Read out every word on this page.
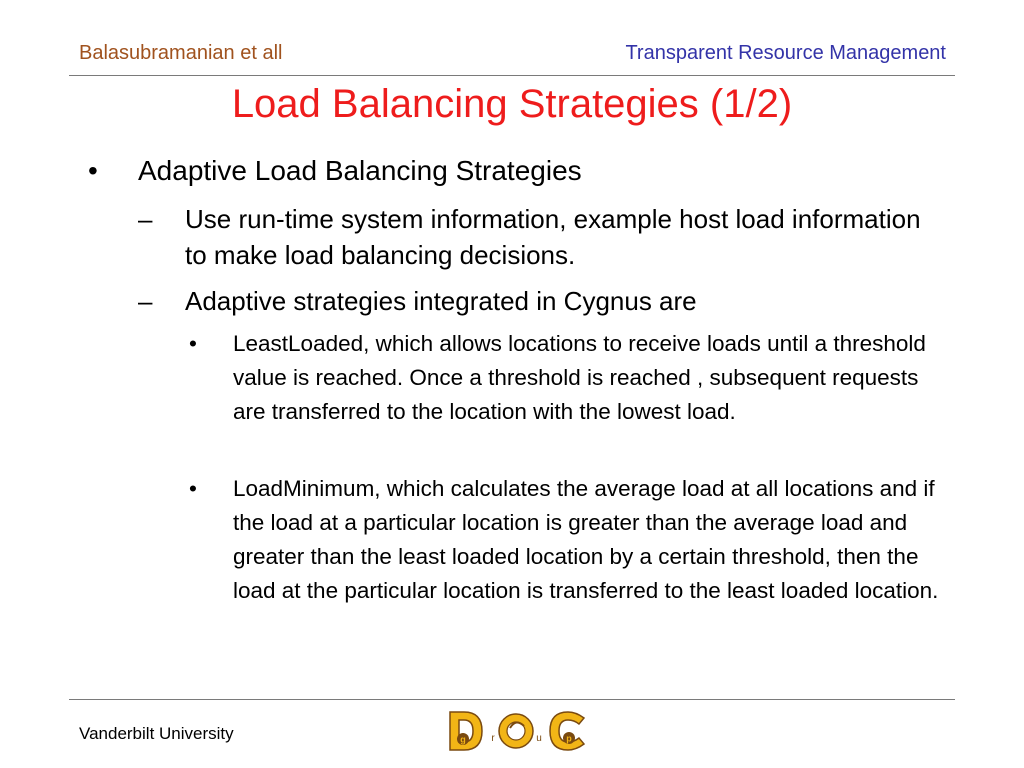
Balasubramanian et all	Transparent Resource Management
Load Balancing Strategies (1/2)
• Adaptive Load Balancing Strategies
– Use run-time system information, example host load information to make load balancing decisions.
– Adaptive strategies integrated in Cygnus are
• LeastLoaded, which allows locations to receive loads until a threshold value is reached. Once a threshold is reached , subsequent requests are transferred to the location with the lowest load.
• LoadMinimum, which calculates the average load at all locations and if the load at a particular location is greater than the average load and greater than the least loaded location by a certain threshold, then the load at the particular location is transferred to the least loaded location.
Vanderbilt University	g	r	u	p
